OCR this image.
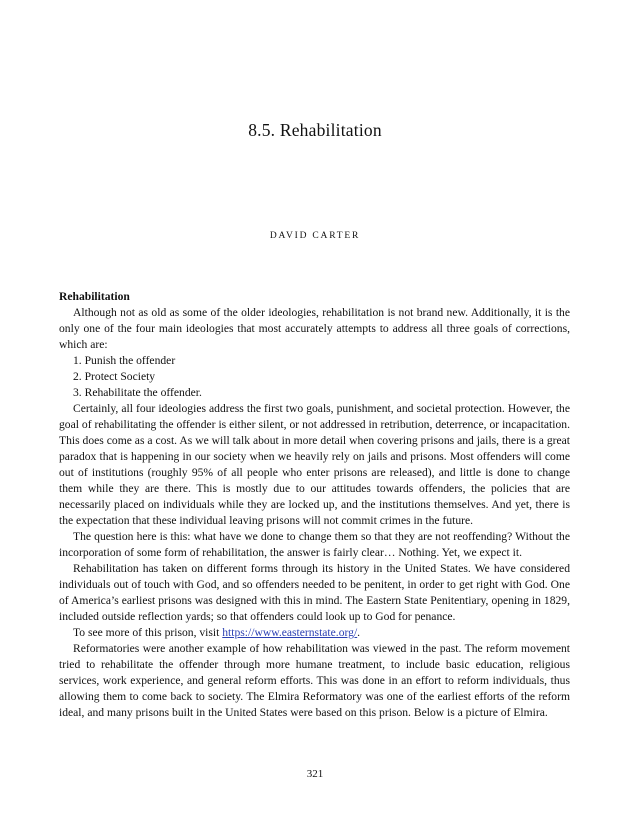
8.5. Rehabilitation
DAVID CARTER

Rehabilitation

Although not as old as some of the older ideologies, rehabilitation is not brand new. Additionally, it is the only one of the four main ideologies that most accurately attempts to address all three goals of corrections, which are:

1. Punish the offender
2. Protect Society
3. Rehabilitate the offender.

Certainly, all four ideologies address the first two goals, punishment, and societal protection. However, the goal of rehabilitating the offender is either silent, or not addressed in retribution, deterrence, or incapacitation. This does come as a cost. As we will talk about in more detail when covering prisons and jails, there is a great paradox that is happening in our society when we heavily rely on jails and prisons. Most offenders will come out of institutions (roughly 95% of all people who enter prisons are released), and little is done to change them while they are there. This is mostly due to our attitudes towards offenders, the policies that are necessarily placed on individuals while they are locked up, and the institutions themselves. And yet, there is the expectation that these individual leaving prisons will not commit crimes in the future.

The question here is this: what have we done to change them so that they are not reoffending? Without the incorporation of some form of rehabilitation, the answer is fairly clear… Nothing. Yet, we expect it.

Rehabilitation has taken on different forms through its history in the United States. We have considered individuals out of touch with God, and so offenders needed to be penitent, in order to get right with God. One of America’s earliest prisons was designed with this in mind. The Eastern State Penitentiary, opening in 1829, included outside reflection yards; so that offenders could look up to God for penance.

To see more of this prison, visit https://www.easternstate.org/.

Reformatories were another example of how rehabilitation was viewed in the past. The reform movement tried to rehabilitate the offender through more humane treatment, to include basic education, religious services, work experience, and general reform efforts. This was done in an effort to reform individuals, thus allowing them to come back to society. The Elmira Reformatory was one of the earliest efforts of the reform ideal, and many prisons built in the United States were based on this prison. Below is a picture of Elmira.

321
